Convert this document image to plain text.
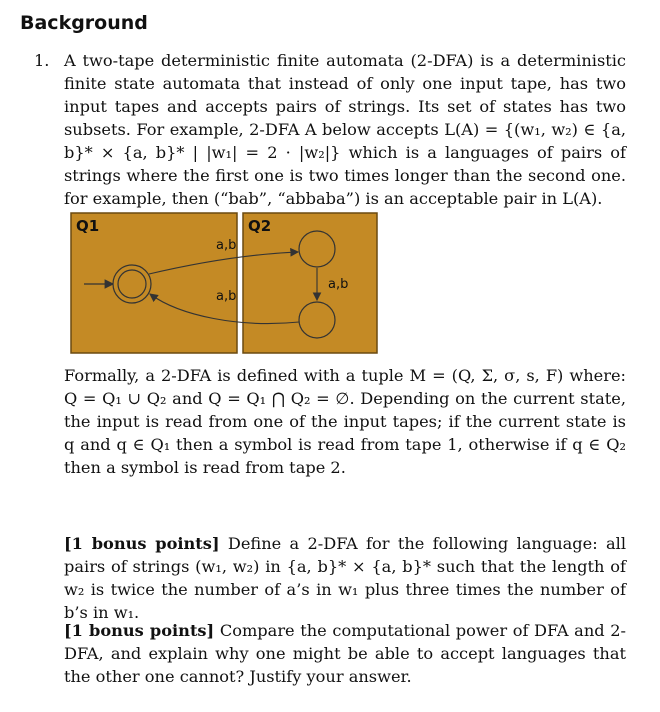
Background
1. A two-tape deterministic finite automata (2-DFA) is a deterministic finite state automata that instead of only one input tape, has two input tapes and accepts pairs of strings. Its set of states has two subsets. For example, 2-DFA A below accepts L(A) = {(w₁, w₂) ∈ {a, b}* × {a, b}* | |w₁| = 2 · |w₂|} which is a languages of pairs of strings where the first one is two times longer than the second one. for example, then (“bab”, “abbaba”) is an acceptable pair in L(A).

Q1	Q2
a,b
a,b
a,b

Formally, a 2-DFA is defined with a tuple M = (Q, Σ, σ, s, F) where: Q = Q₁ ∪ Q₂ and Q = Q₁ ⋂ Q₂ = ∅. Depending on the current state, the input is read from one of the input tapes; if the current state is q and q ∈ Q₁ then a symbol is read from tape 1, otherwise if q ∈ Q₂ then a symbol is read from tape 2.

[1 bonus points] Define a 2-DFA for the following language: all pairs of strings (w₁, w₂) in {a, b}* × {a, b}* such that the length of w₂ is twice the number of a’s in w₁ plus three times the number of b’s in w₁.

[1 bonus points] Compare the computational power of DFA and 2-DFA, and explain why one might be able to accept languages that the other one cannot? Justify your answer.
